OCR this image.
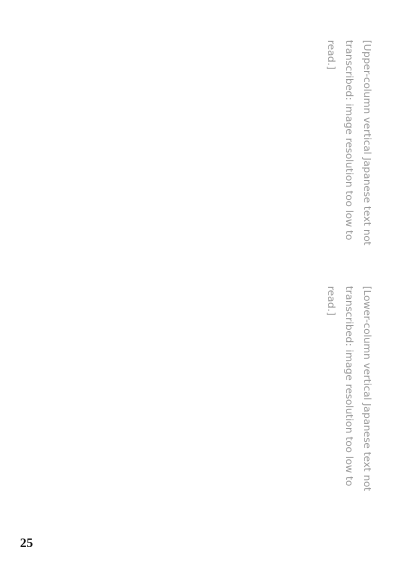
[Upper-column vertical Japanese text not transcribed: image resolution too low to read.]

[Lower-column vertical Japanese text not transcribed: image resolution too low to read.]

25
